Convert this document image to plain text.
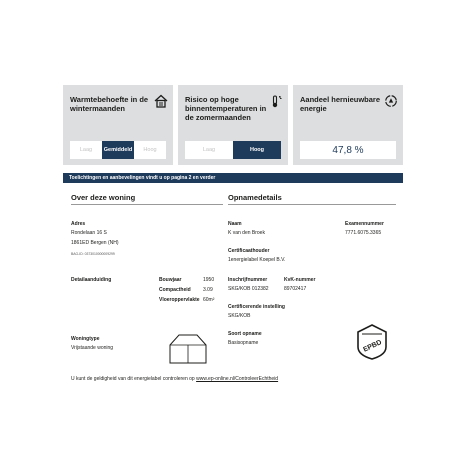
Warmtebehoefte in de wintermaanden
Laag	Gemiddeld	Hoog
Risico op hoge binnentemperaturen in de zomermaanden
Laag	Hoog
Aandeel hernieuwbare energie
47,8 %
Toelichtingen en aanbevelingen vindt u op pagina 2 en verder
Over deze woning
Adres
Rondelaan 16 S
1861ED Bergen (NH)
BAG-ID: 0373010000009299
Detailaanduiding	Bouwjaar	1950
Compactheid 3.09
Vloeroppervlakte 60m²
Woningtype
Vrijstaande woning
Opnamedetails
Naam
K van den Broek
Examennummer
7771.6075.3365
Certificaathouder
1energielabel Koepel B.V.
Inschrijfnummer
SKG/KOB 012382
KvK-nummer
89702417
Certificerende instelling
SKG/KOB
Soort opname
Basisopname	EPBD
U kunt de geldigheid van dit energielabel controleren op www.ep-online.nl/ControleerEchtheid
